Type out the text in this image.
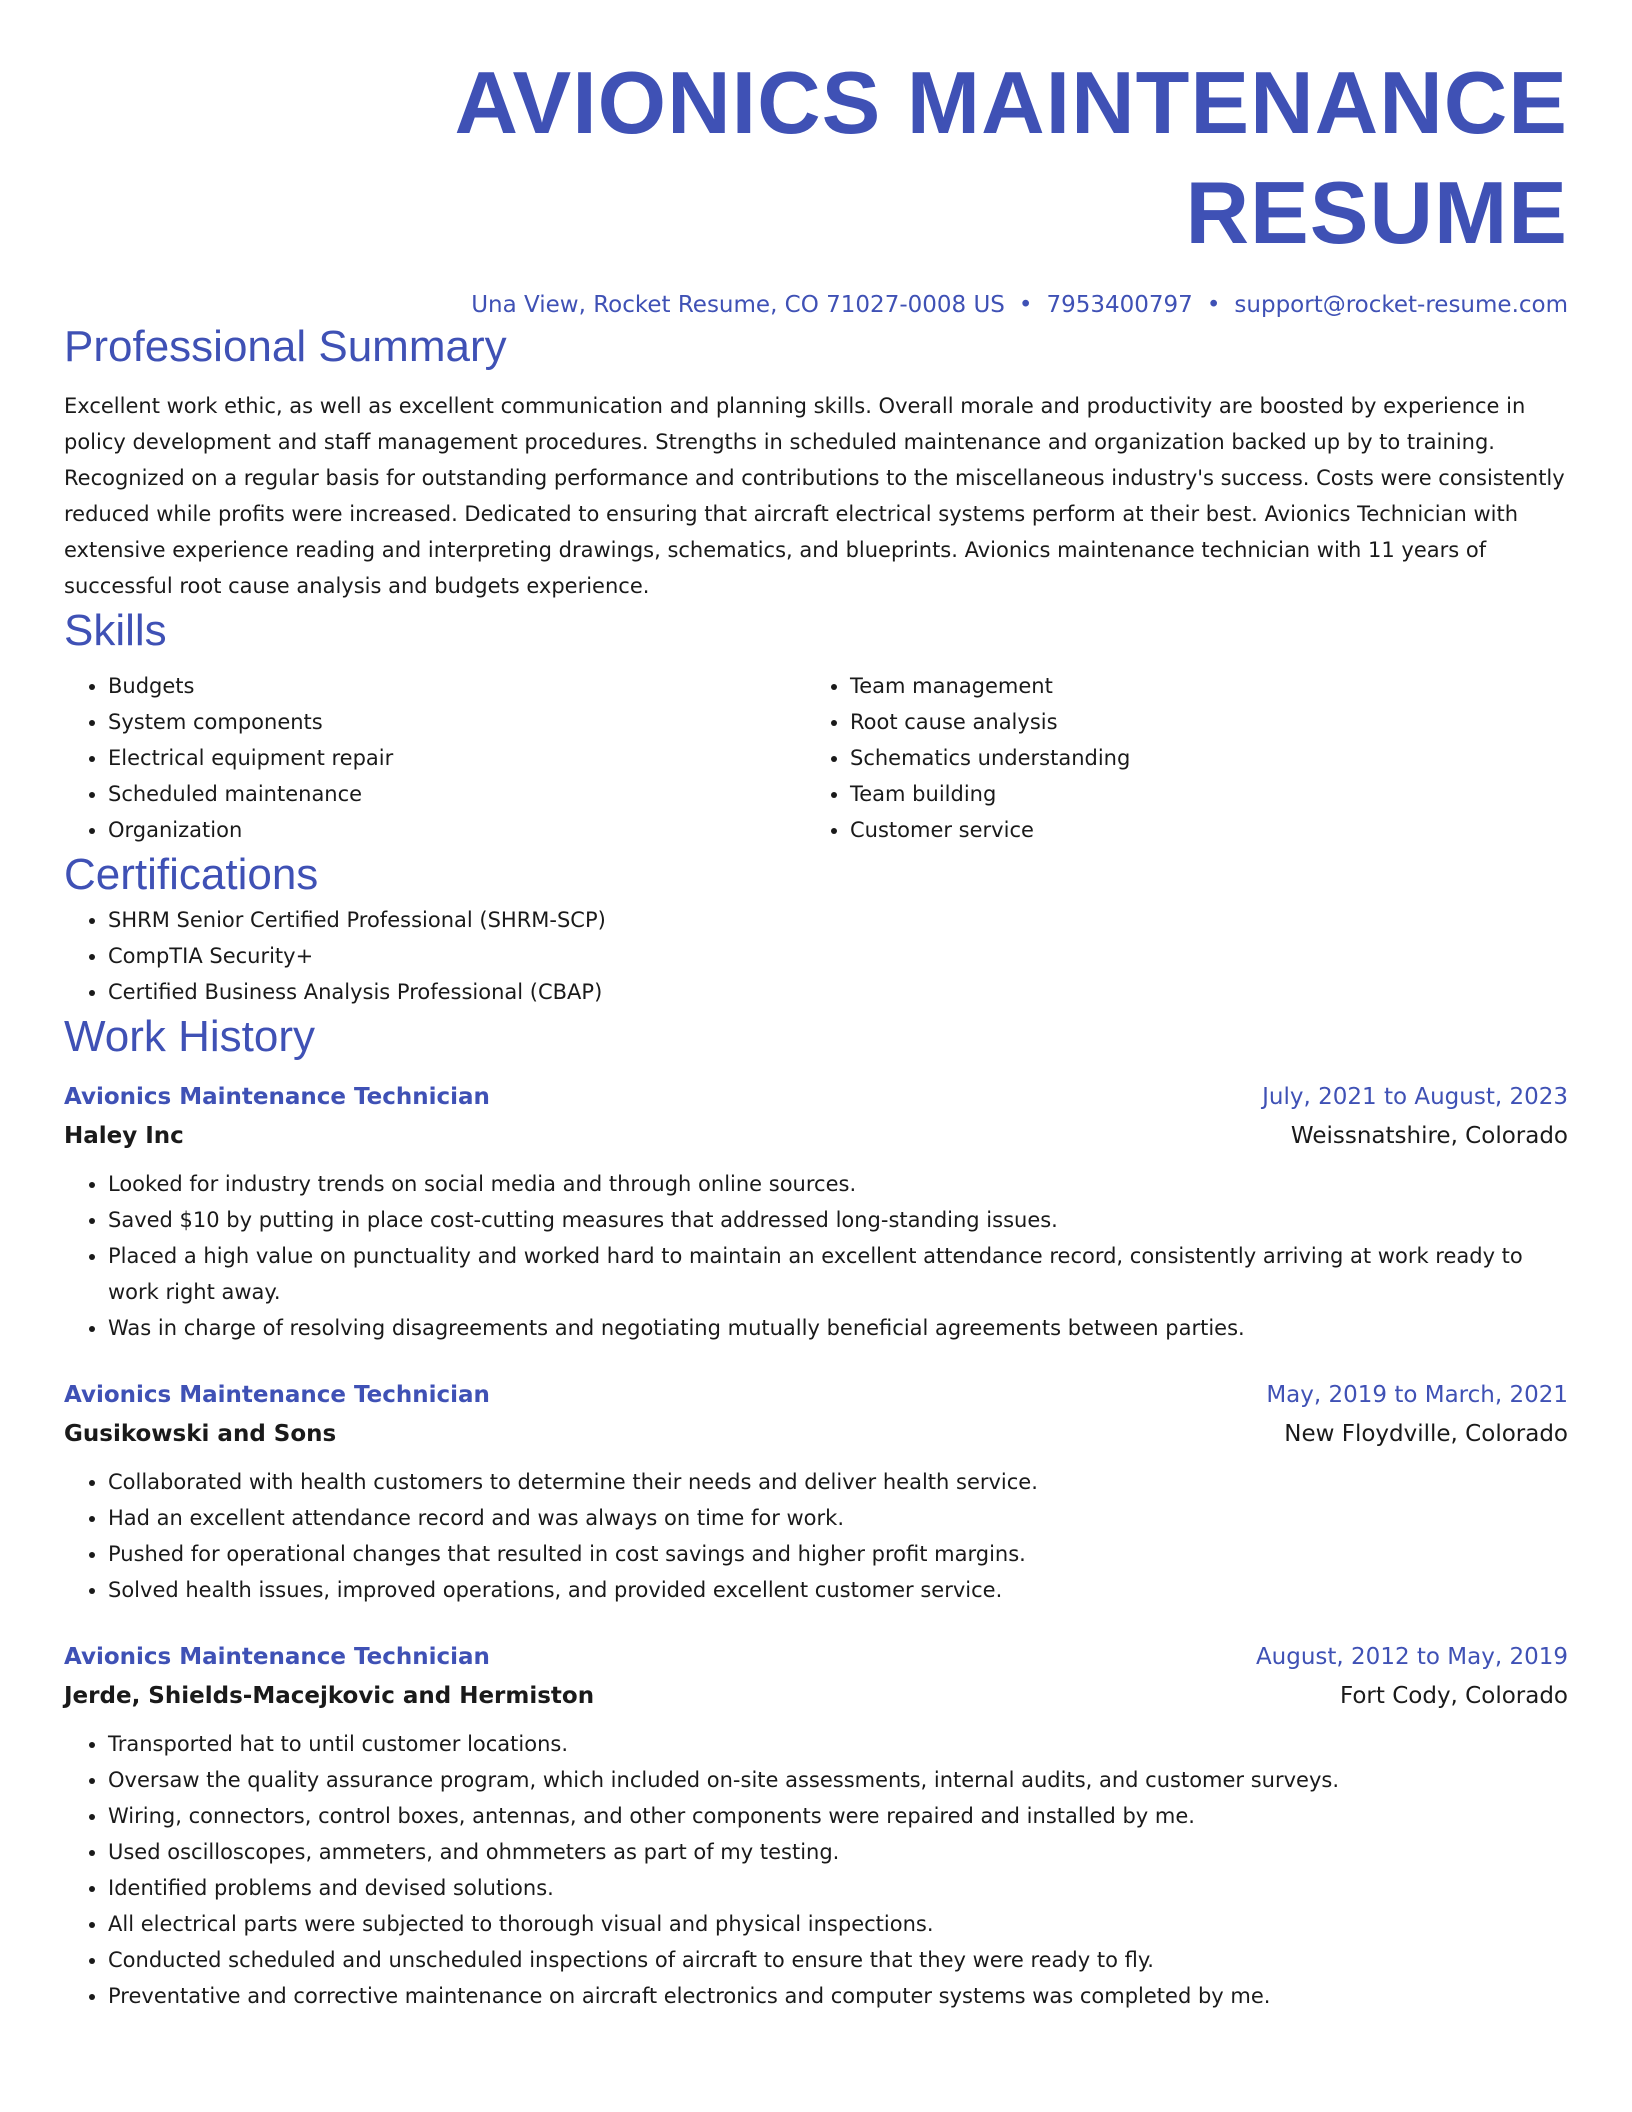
AVIONICS MAINTENANCE RESUME
Una View, Rocket Resume, CO 71027-0008 US • 7953400797 • support@rocket-resume.com
Professional Summary
Excellent work ethic, as well as excellent communication and planning skills. Overall morale and productivity are boosted by experience in policy development and staff management procedures. Strengths in scheduled maintenance and organization backed up by to training. Recognized on a regular basis for outstanding performance and contributions to the miscellaneous industry's success. Costs were consistently reduced while profits were increased. Dedicated to ensuring that aircraft electrical systems perform at their best. Avionics Technician with extensive experience reading and interpreting drawings, schematics, and blueprints. Avionics maintenance technician with 11 years of successful root cause analysis and budgets experience.
Skills
• Budgets
• System components
• Electrical equipment repair
• Scheduled maintenance
• Organization
• Team management
• Root cause analysis
• Schematics understanding
• Team building
• Customer service
Certifications
• SHRM Senior Certified Professional (SHRM-SCP)
• CompTIA Security+
• Certified Business Analysis Professional (CBAP)
Work History
Avionics Maintenance Technician	July, 2021 to August, 2023
Haley Inc	Weissnatshire, Colorado
• Looked for industry trends on social media and through online sources.
• Saved $10 by putting in place cost-cutting measures that addressed long-standing issues.
• Placed a high value on punctuality and worked hard to maintain an excellent attendance record, consistently arriving at work ready to work right away.
• Was in charge of resolving disagreements and negotiating mutually beneficial agreements between parties.
Avionics Maintenance Technician	May, 2019 to March, 2021
Gusikowski and Sons	New Floydville, Colorado
• Collaborated with health customers to determine their needs and deliver health service.
• Had an excellent attendance record and was always on time for work.
• Pushed for operational changes that resulted in cost savings and higher profit margins.
• Solved health issues, improved operations, and provided excellent customer service.
Avionics Maintenance Technician	August, 2012 to May, 2019
Jerde, Shields-Macejkovic and Hermiston	Fort Cody, Colorado
• Transported hat to until customer locations.
• Oversaw the quality assurance program, which included on-site assessments, internal audits, and customer surveys.
• Wiring, connectors, control boxes, antennas, and other components were repaired and installed by me.
• Used oscilloscopes, ammeters, and ohmmeters as part of my testing.
• Identified problems and devised solutions.
• All electrical parts were subjected to thorough visual and physical inspections.
• Conducted scheduled and unscheduled inspections of aircraft to ensure that they were ready to fly.
• Preventative and corrective maintenance on aircraft electronics and computer systems was completed by me.
